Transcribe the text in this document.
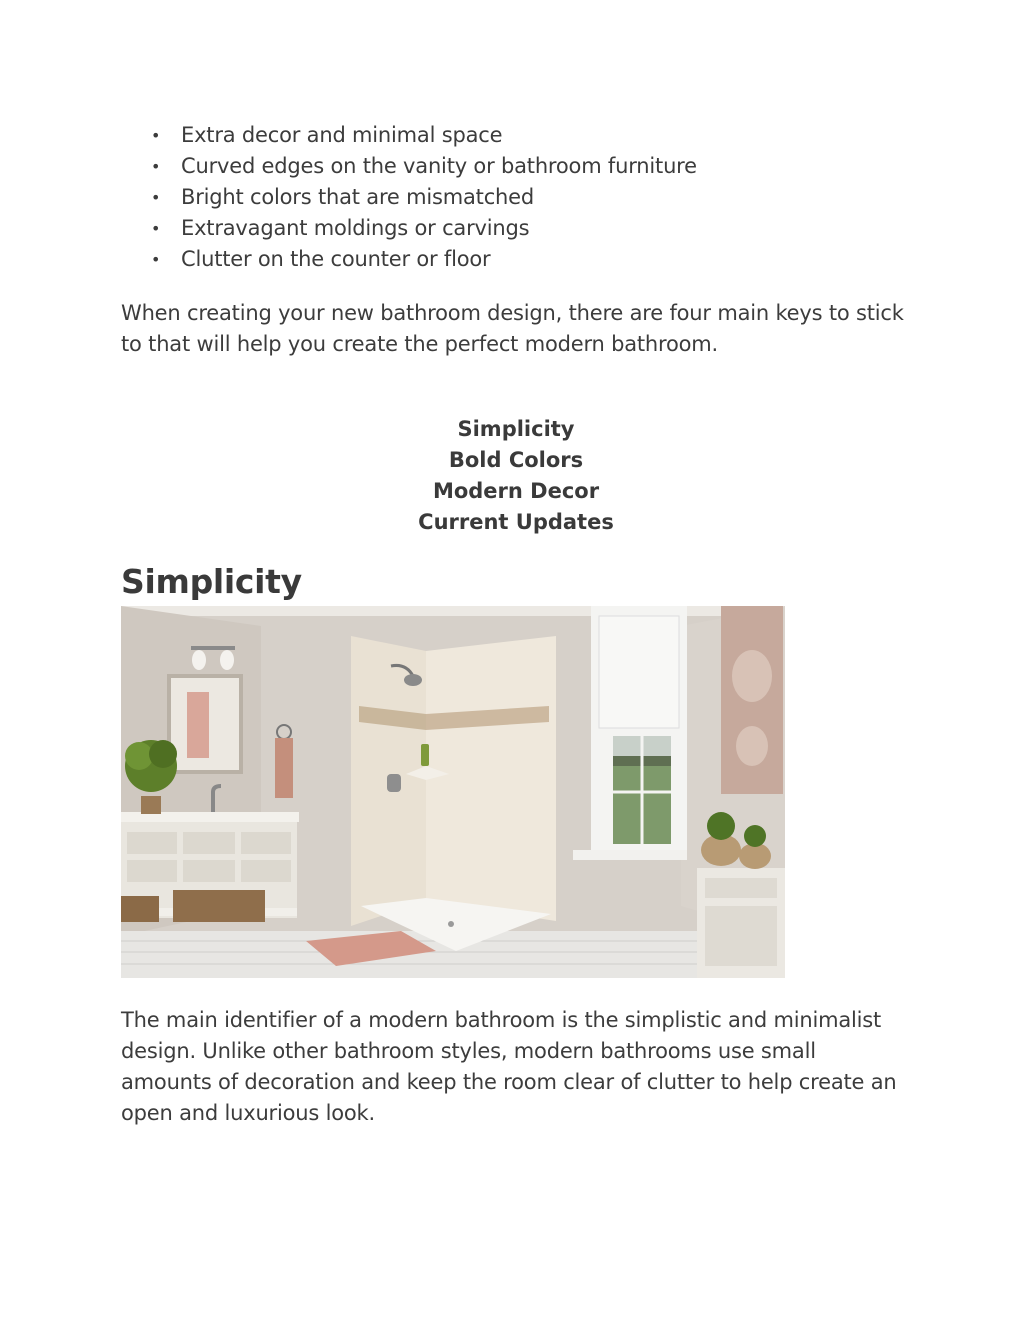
• Extra decor and minimal space
• Curved edges on the vanity or bathroom furniture
• Bright colors that are mismatched
• Extravagant moldings or carvings
• Clutter on the counter or floor

When creating your new bathroom design, there are four main keys to stick to that will help you create the perfect modern bathroom.

Simplicity
Bold Colors
Modern Decor
Current Updates
Simplicity

The main identifier of a modern bathroom is the simplistic and minimalist design. Unlike other bathroom styles, modern bathrooms use small amounts of decoration and keep the room clear of clutter to help create an open and luxurious look.
